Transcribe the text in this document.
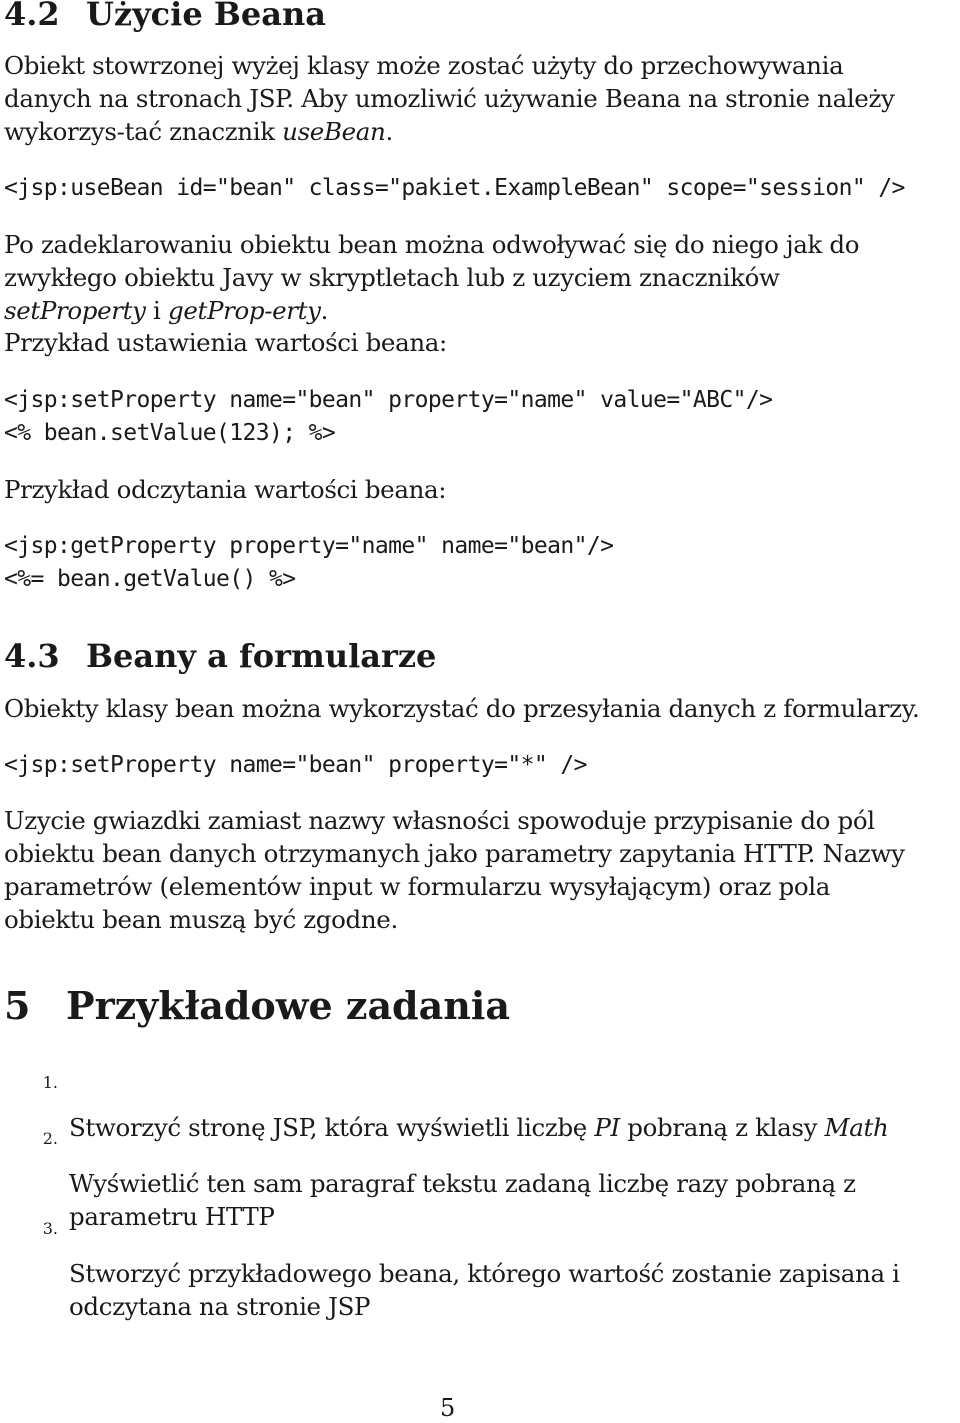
4.2 Użycie Beana

Obiekt stowrzonej wyżej klasy może zostać użyty do przechowywania danych na stronach JSP. Aby umozliwić używanie Beana na stronie należy wykorzys-tać znacznik useBean.

<jsp:useBean id="bean" class="pakiet.ExampleBean" scope="session" />

Po zadeklarowaniu obiektu bean można odwoływać się do niego jak do zwykłego obiektu Javy w skryptletach lub z uzyciem znaczników setProperty i getProp-erty.

Przykład ustawienia wartości beana:

<jsp:setProperty name="bean" property="name" value="ABC"/>
<% bean.setValue(123); %>

Przykład odczytania wartości beana:

<jsp:getProperty property="name" name="bean"/>
<%= bean.getValue() %>
4.3 Beany a formularze

Obiekty klasy bean można wykorzystać do przesyłania danych z formularzy.

<jsp:setProperty name="bean" property="*" />

Uzycie gwiazdki zamiast nazwy własności spowoduje przypisanie do pól obiektu bean danych otrzymanych jako parametry zapytania HTTP. Nazwy parametrów (elementów input w formularzu wysyłającym) oraz pola obiektu bean muszą być zgodne.

5 Przykładowe zadania

1.

Stworzyć stronę JSP, która wyświetli liczbę PI pobraną z klasy Math

2.

Wyświetlić ten sam paragraf tekstu zadaną liczbę razy pobraną z parametru HTTP

3.

Stworzyć przykładowego beana, którego wartość zostanie zapisana i odczytana na stronie JSP

5
